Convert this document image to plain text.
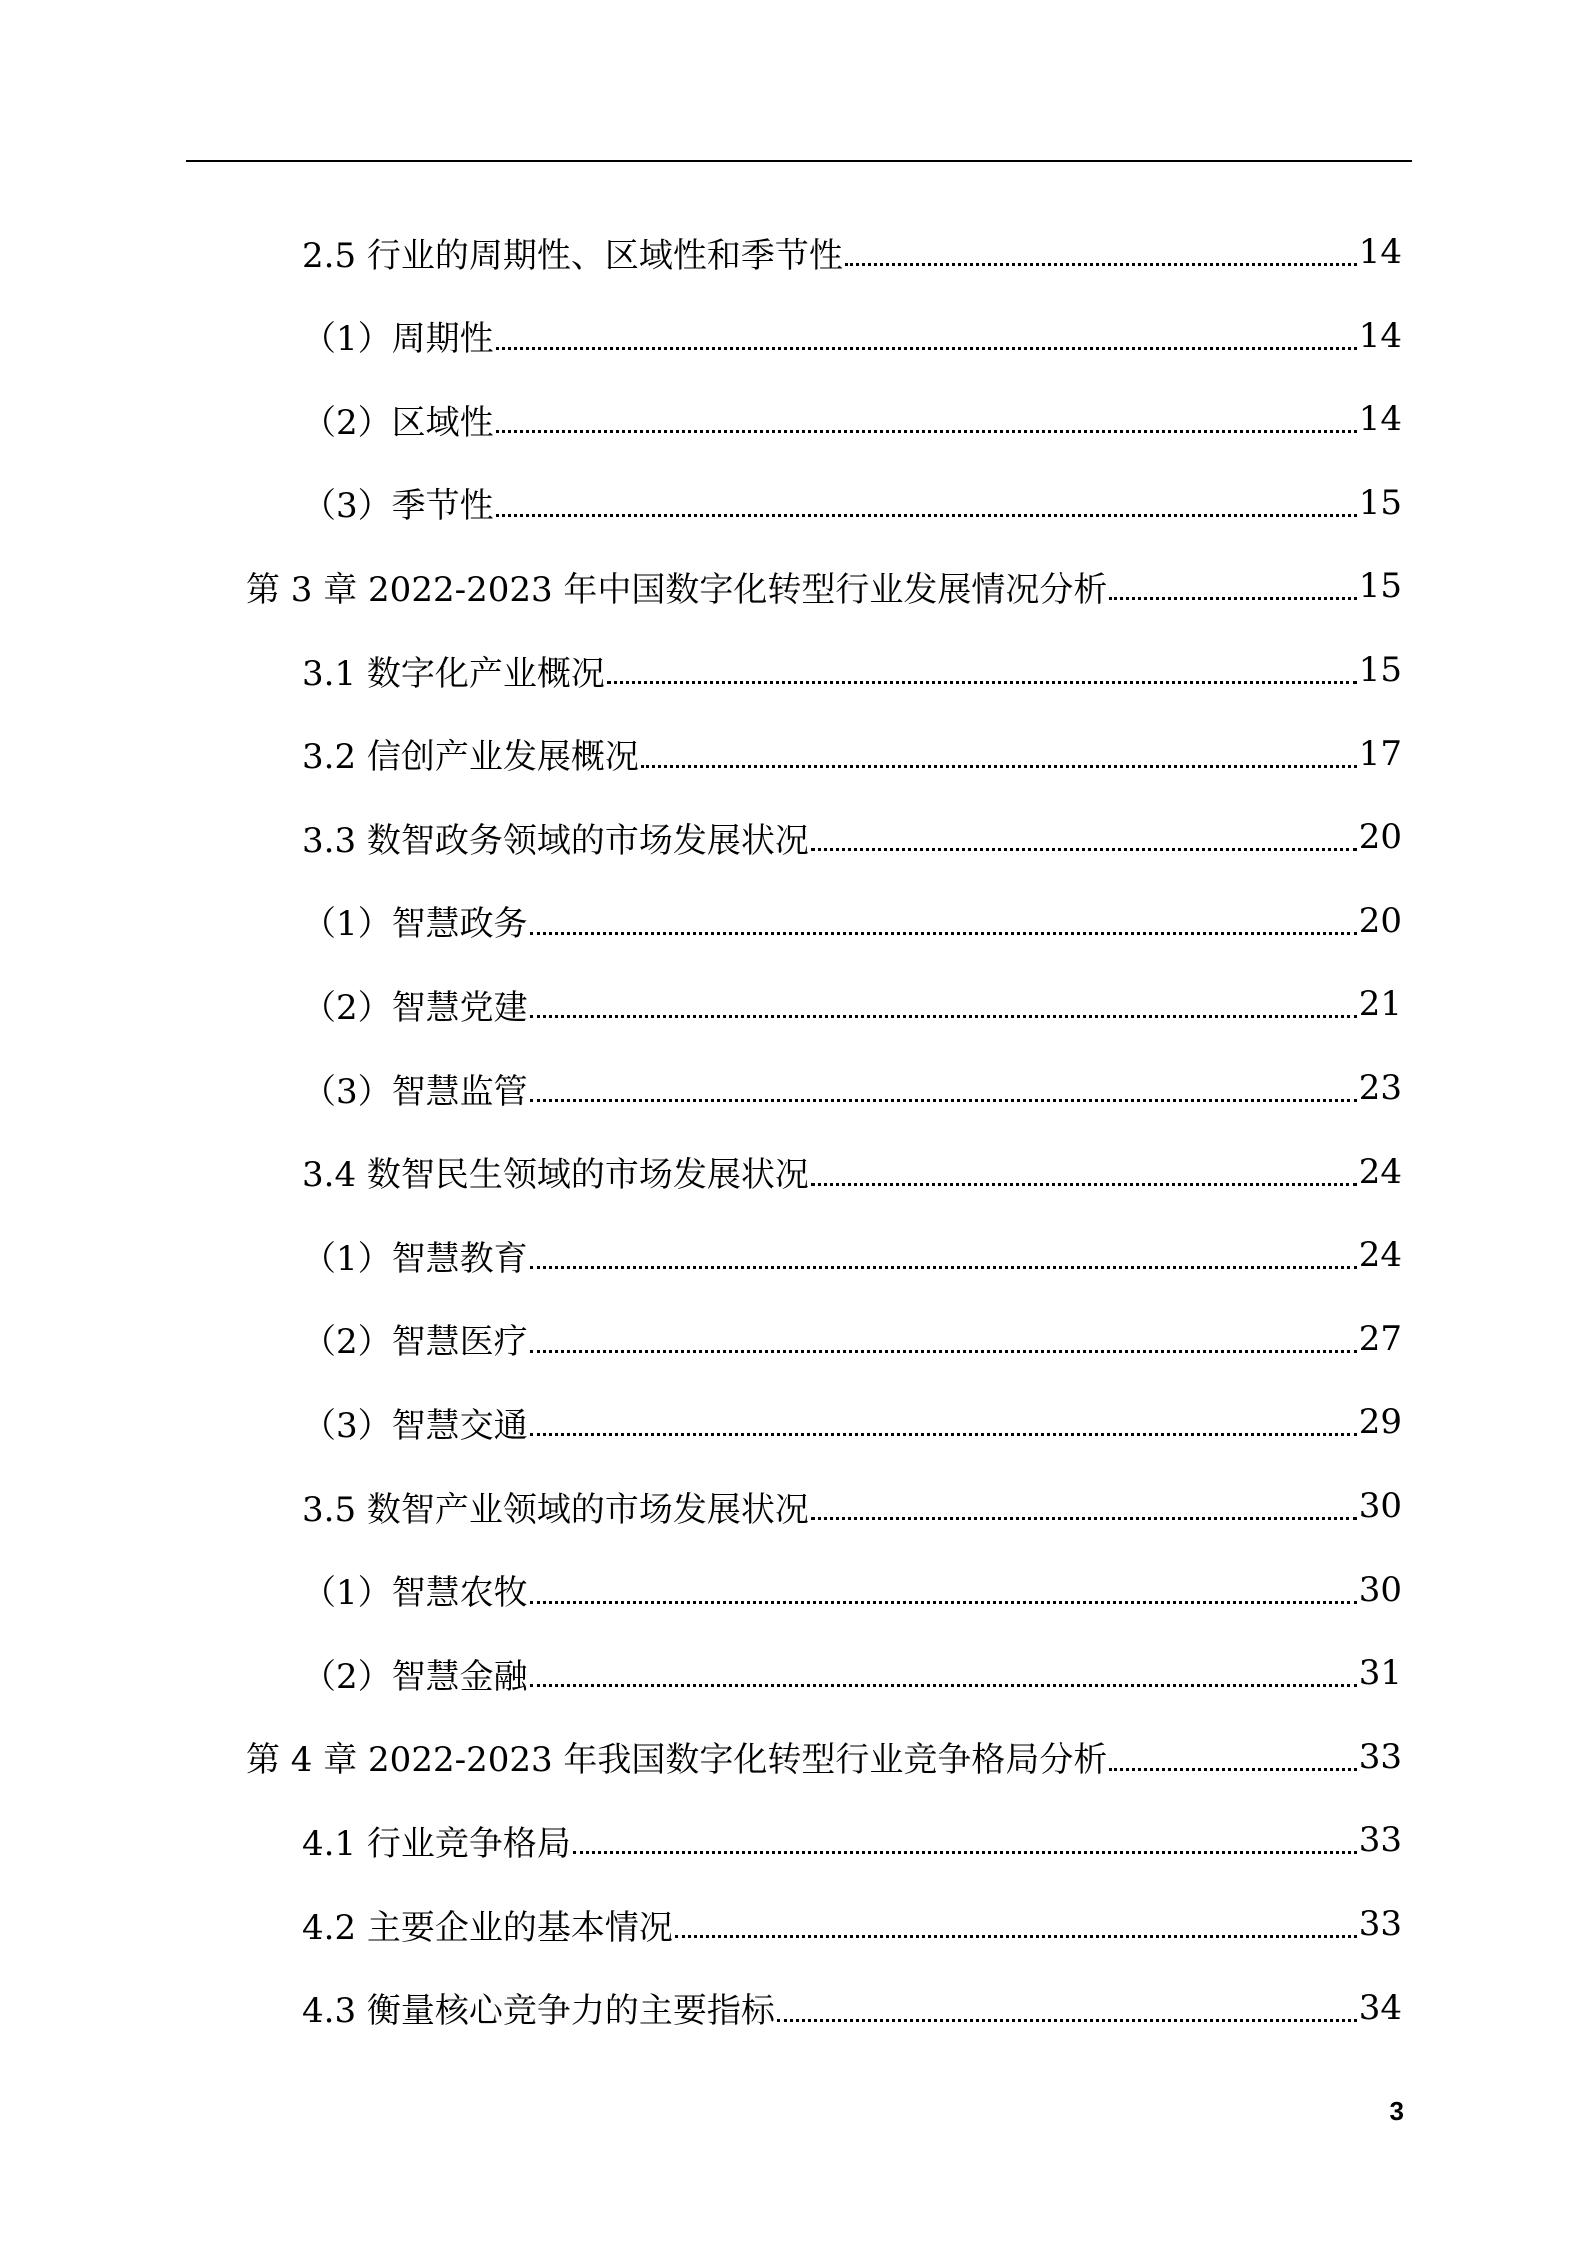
2.5 行业的周期性、区域性和季节性	14
（1）周期性	14
（2）区域性	14
（3）季节性	15
第 3 章 2022-2023 年中国数字化转型行业发展情况分析	15
3.1 数字化产业概况	15
3.2 信创产业发展概况	17
3.3 数智政务领域的市场发展状况	20
（1）智慧政务	20
（2）智慧党建	21
（3）智慧监管	23
3.4 数智民生领域的市场发展状况	24
（1）智慧教育	24
（2）智慧医疗	27
（3）智慧交通	29
3.5 数智产业领域的市场发展状况	30
（1）智慧农牧	30
（2）智慧金融	31
第 4 章 2022-2023 年我国数字化转型行业竞争格局分析	33
4.1 行业竞争格局	33
4.2 主要企业的基本情况	33
4.3 衡量核心竞争力的主要指标	34
3
